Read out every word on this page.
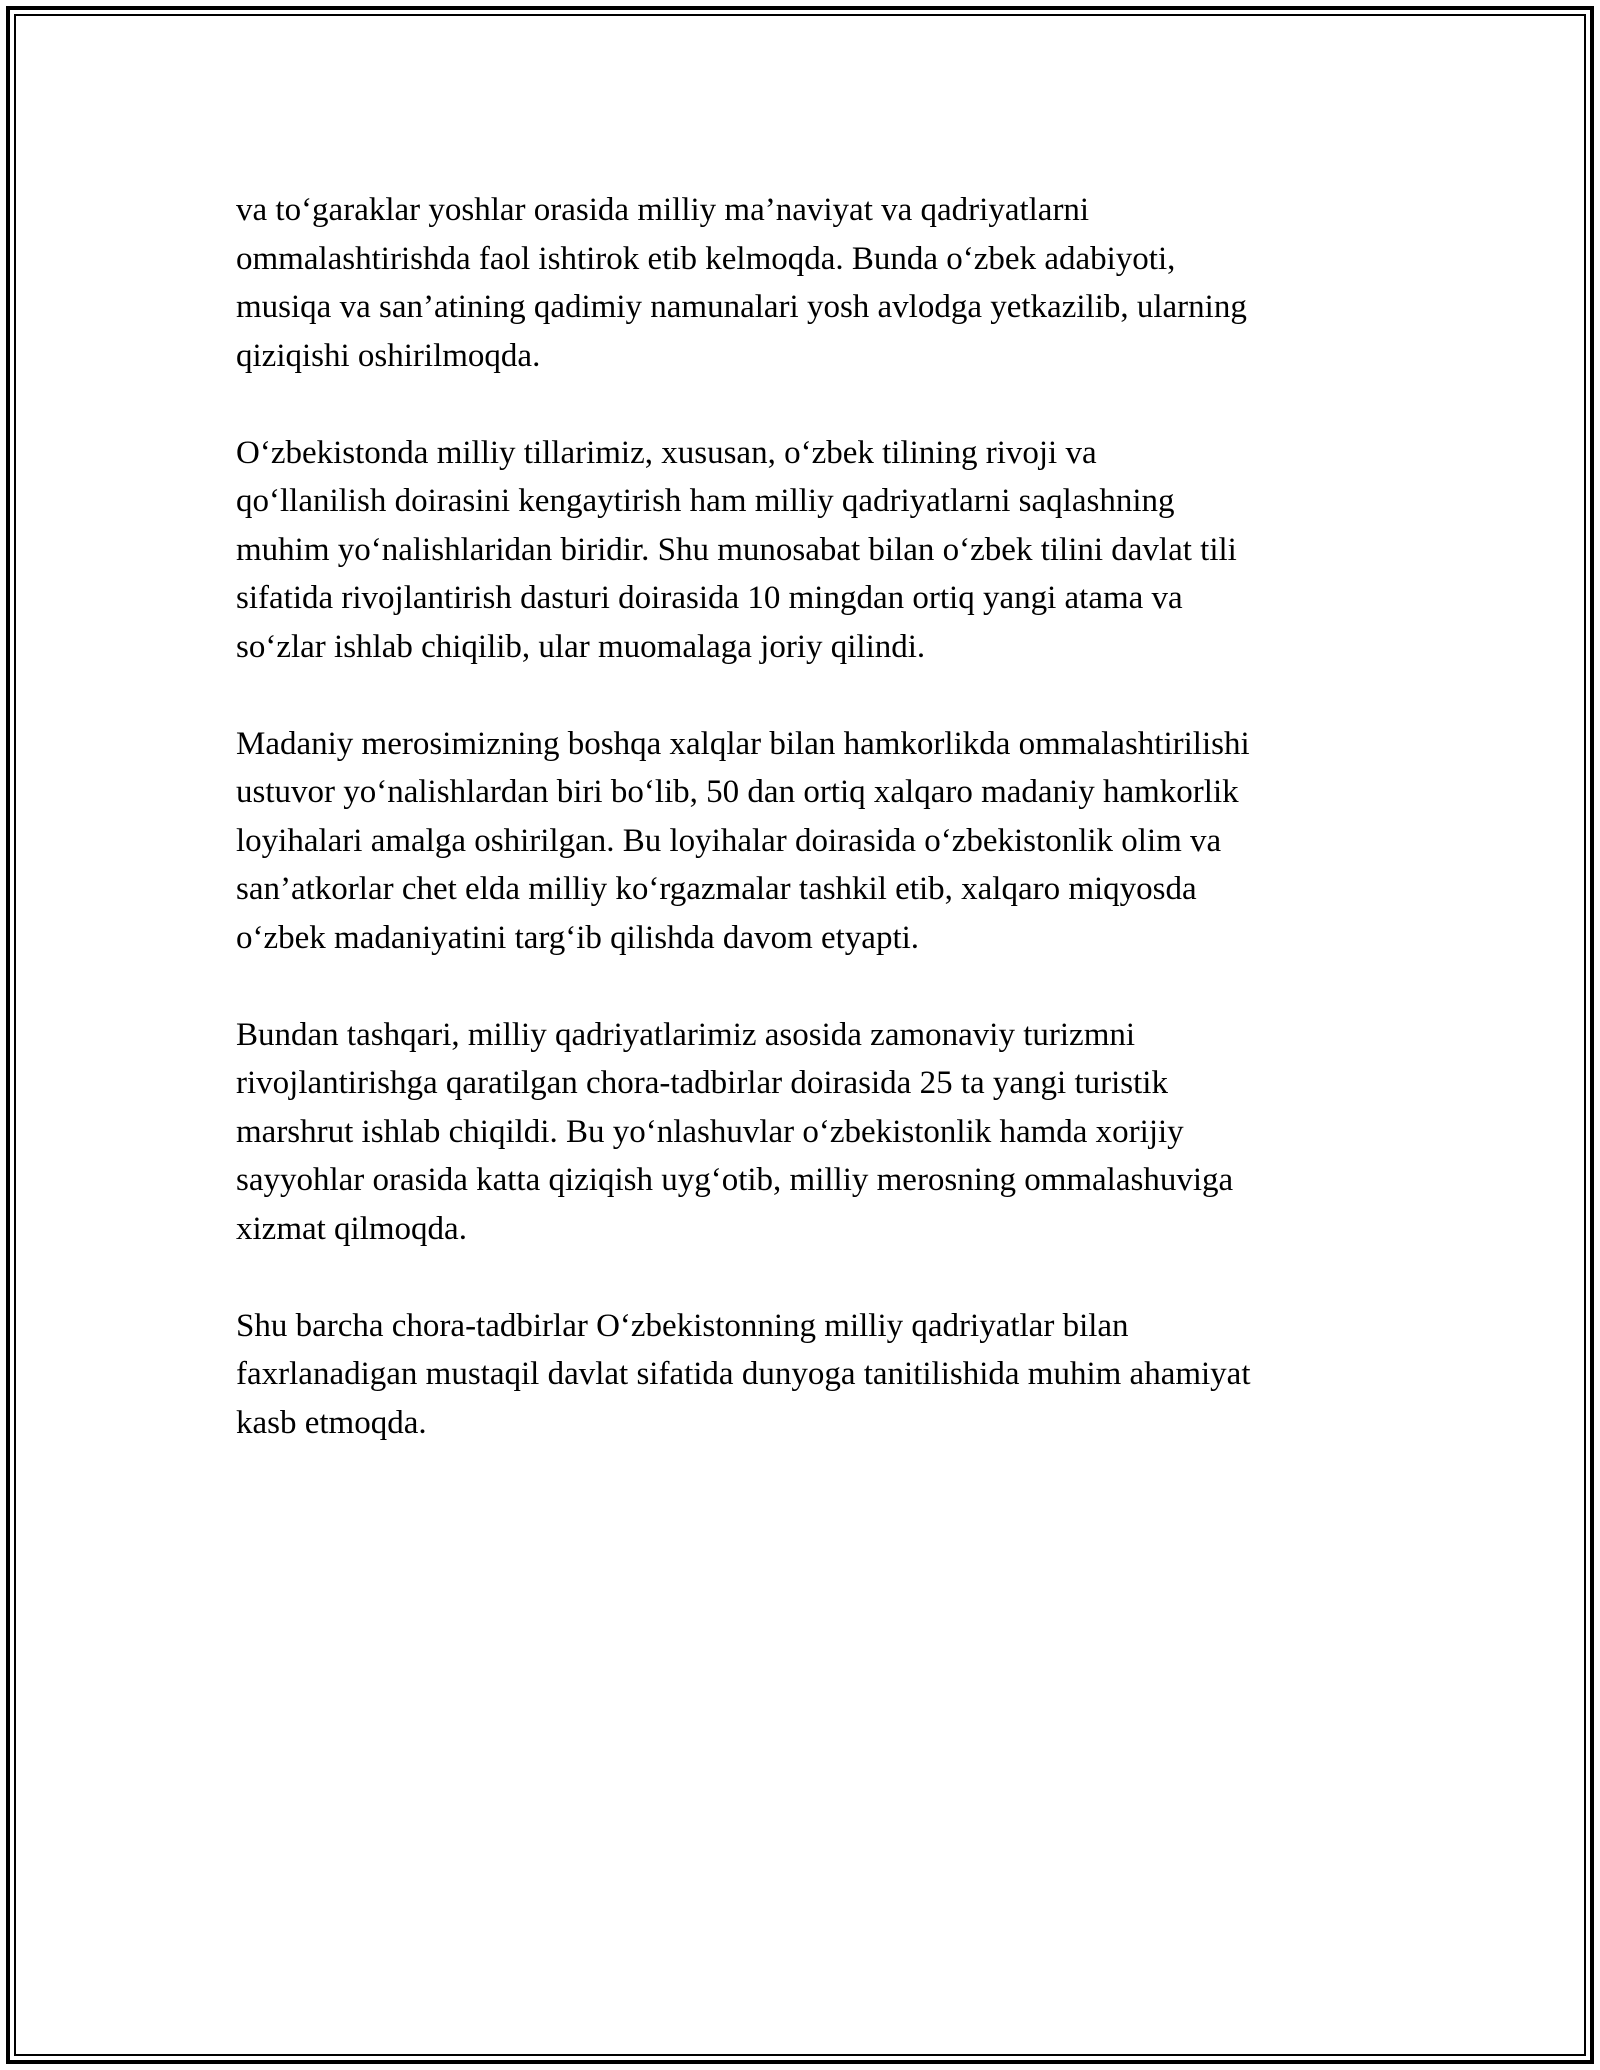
va to‘garaklar yoshlar orasida milliy ma’naviyat va qadriyatlarni
ommalashtirishda faol ishtirok etib kelmoqda. Bunda o‘zbek adabiyoti,
musiqa va san’atining qadimiy namunalari yosh avlodga yetkazilib, ularning
qiziqishi oshirilmoqda.

O‘zbekistonda milliy tillarimiz, xususan, o‘zbek tilining rivoji va
qo‘llanilish doirasini kengaytirish ham milliy qadriyatlarni saqlashning
muhim yo‘nalishlaridan biridir. Shu munosabat bilan o‘zbek tilini davlat tili
sifatida rivojlantirish dasturi doirasida 10 mingdan ortiq yangi atama va
so‘zlar ishlab chiqilib, ular muomalaga joriy qilindi.

Madaniy merosimizning boshqa xalqlar bilan hamkorlikda ommalashtirilishi
ustuvor yo‘nalishlardan biri bo‘lib, 50 dan ortiq xalqaro madaniy hamkorlik
loyihalari amalga oshirilgan. Bu loyihalar doirasida o‘zbekistonlik olim va
san’atkorlar chet elda milliy ko‘rgazmalar tashkil etib, xalqaro miqyosda
o‘zbek madaniyatini targ‘ib qilishda davom etyapti.

Bundan tashqari, milliy qadriyatlarimiz asosida zamonaviy turizmni
rivojlantirishga qaratilgan chora-tadbirlar doirasida 25 ta yangi turistik
marshrut ishlab chiqildi. Bu yo‘nlashuvlar o‘zbekistonlik hamda xorijiy
sayyohlar orasida katta qiziqish uyg‘otib, milliy merosning ommalashuviga
xizmat qilmoqda.

Shu barcha chora-tadbirlar O‘zbekistonning milliy qadriyatlar bilan
faxrlanadigan mustaqil davlat sifatida dunyoga tanitilishida muhim ahamiyat
kasb etmoqda.
